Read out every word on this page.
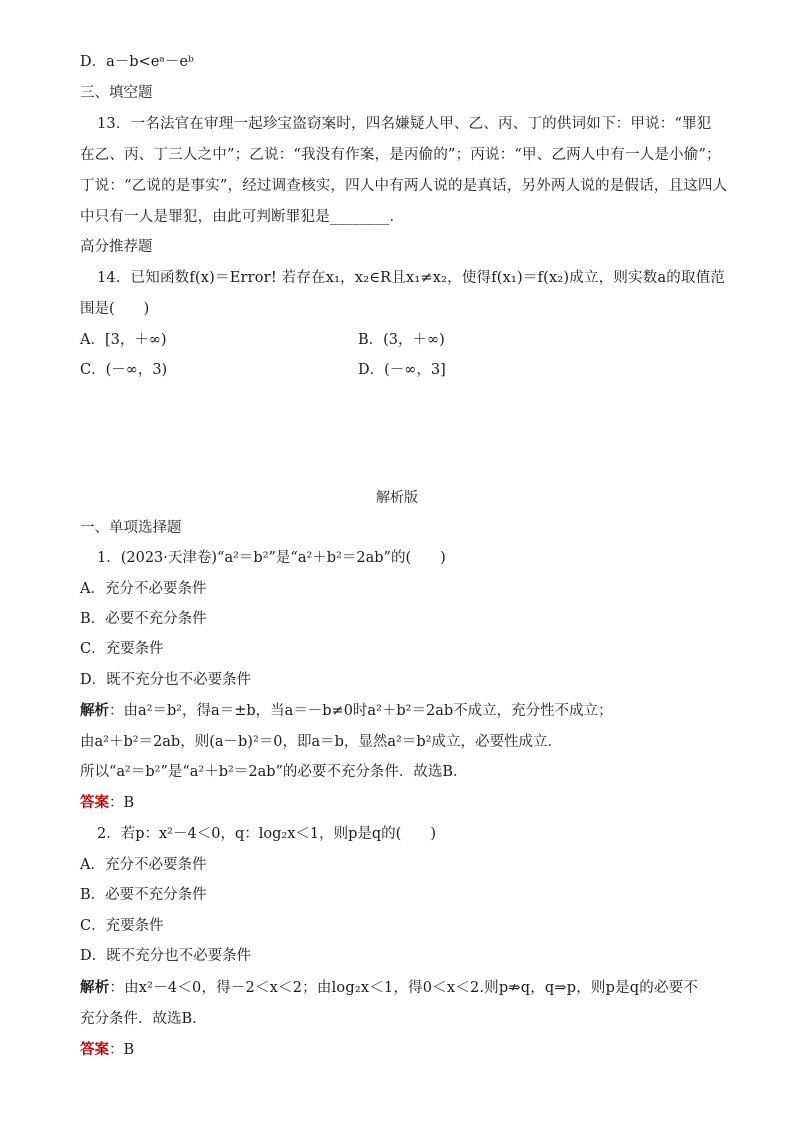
D．a－b<eᵃ－eᵇ
三、填空题
13．一名法官在审理一起珍宝盗窃案时，四名嫌疑人甲、乙、丙、丁的供词如下：甲说：“罪犯
在乙、丙、丁三人之中”；乙说：“我没有作案，是丙偷的”；丙说：“甲、乙两人中有一人是小偷”；
丁说：“乙说的是事实”，经过调查核实，四人中有两人说的是真话，另外两人说的是假话，且这四人
中只有一人是罪犯，由此可判断罪犯是________．
高分推荐题
14．已知函数f(x)＝Error! 若存在x₁，x₂∈R且x₁≠x₂，使得f(x₁)＝f(x₂)成立，则实数a的取值范
围是(　　)
A．[3，＋∞)	B．(3，＋∞)
C．(－∞，3)	D．(－∞，3]
解析版
一、单项选择题
1．(2023·天津卷)“a²＝b²”是“a²＋b²＝2ab”的(　　)
A．充分不必要条件
B．必要不充分条件
C．充要条件
D．既不充分也不必要条件
解析：由a²＝b²，得a＝±b，当a＝－b≠0时a²＋b²＝2ab不成立，充分性不成立；
由a²＋b²＝2ab，则(a－b)²＝0，即a＝b，显然a²＝b²成立，必要性成立．
所以“a²＝b²”是“a²＋b²＝2ab”的必要不充分条件．故选B．
答案：B
2．若p：x²－4＜0，q：log₂x＜1，则p是q的(　　)
A．充分不必要条件
B．必要不充分条件
C．充要条件
D．既不充分也不必要条件
解析：由x²－4＜0，得－2＜x＜2；由log₂x＜1，得0＜x＜2.则p⇏q，q⇒p，则p是q的必要不
充分条件．故选B．
答案：B
